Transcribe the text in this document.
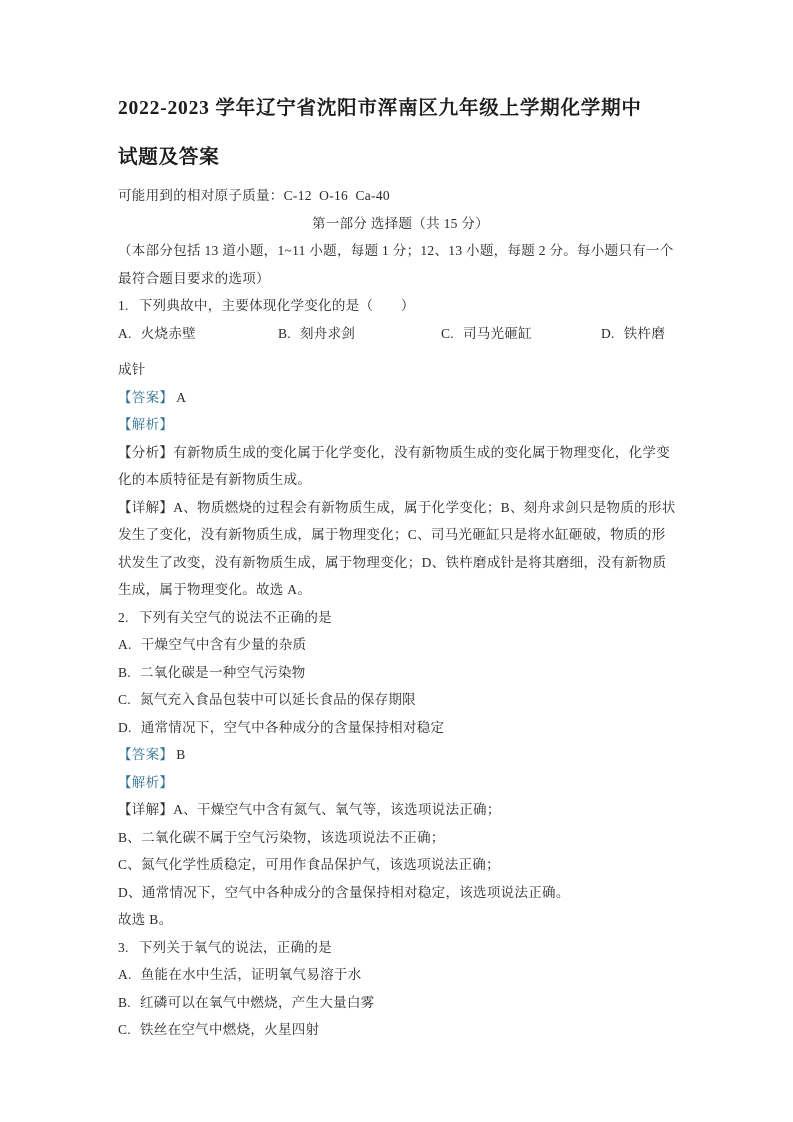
2022-2023 学年辽宁省沈阳市浑南区九年级上学期化学期中
试题及答案

可能用到的相对原子质量：C-12  O-16  Ca-40

第一部分 选择题（共 15 分）

（本部分包括 13 道小题，1~11 小题，每题 1 分；12、13 小题，每题 2 分。每小题只有一个

最符合题目要求的选项）

1. 下列典故中，主要体现化学变化的是（　　）

A. 火烧赤壁	B. 刻舟求剑	C. 司马光砸缸	D. 铁杵磨

成针

【答案】 A

【解析】

【分析】有新物质生成的变化属于化学变化，没有新物质生成的变化属于物理变化，化学变

化的本质特征是有新物质生成。

【详解】A、物质燃烧的过程会有新物质生成，属于化学变化；B、刻舟求剑只是物质的形状

发生了变化，没有新物质生成，属于物理变化；C、司马光砸缸只是将水缸砸破，物质的形

状发生了改变，没有新物质生成，属于物理变化；D、铁杵磨成针是将其磨细，没有新物质

生成，属于物理变化。故选 A。

2. 下列有关空气的说法不正确的是

A. 干燥空气中含有少量的杂质

B. 二氧化碳是一种空气污染物

C. 氮气充入食品包装中可以延长食品的保存期限

D. 通常情况下，空气中各种成分的含量保持相对稳定

【答案】 B

【解析】

【详解】A、干燥空气中含有氮气、氧气等，该选项说法正确；

B、二氧化碳不属于空气污染物，该选项说法不正确；

C、氮气化学性质稳定，可用作食品保护气，该选项说法正确；

D、通常情况下，空气中各种成分的含量保持相对稳定，该选项说法正确。

故选 B。

3. 下列关于氧气的说法，正确的是

A. 鱼能在水中生活，证明氧气易溶于水

B. 红磷可以在氧气中燃烧，产生大量白雾

C. 铁丝在空气中燃烧，火星四射
